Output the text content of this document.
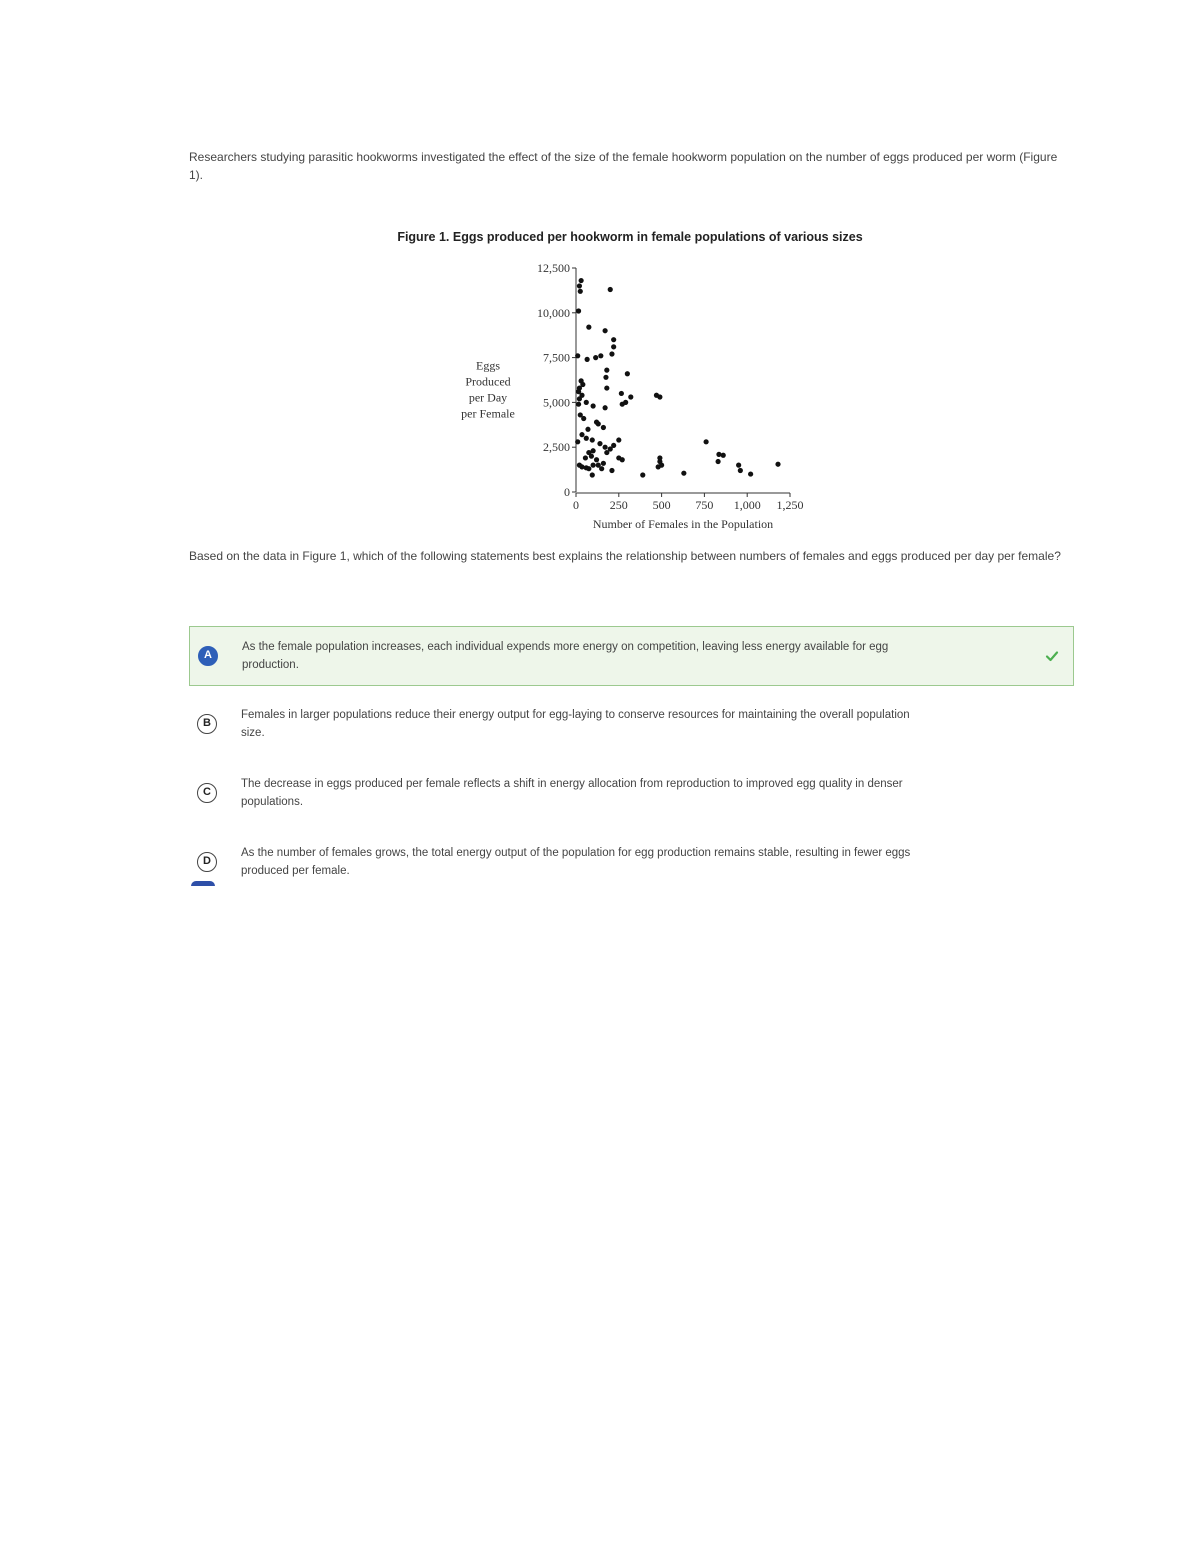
Researchers studying parasitic hookworms investigated the effect of the size of the female hookworm population on the number of eggs produced per worm (Figure 1).
Figure 1. Eggs produced per hookworm in female populations of various sizes
Eggs
Produced
per Day
per Female
0
2,500
5,000
7,500
10,000
12,500
0	250 500 750 1,000 1,250
Number of Females in the Population
Based on the data in Figure 1, which of the following statements best explains the relationship between numbers of females and eggs produced per day per female?
A
As the female population increases, each individual expends more energy on competition, leaving less energy available for egg production.
B
Females in larger populations reduce their energy output for egg-laying to conserve resources for maintaining the overall population size.
C
The decrease in eggs produced per female reflects a shift in energy allocation from reproduction to improved egg quality in denser populations.
D
As the number of females grows, the total energy output of the population for egg production remains stable, resulting in fewer eggs produced per female.
